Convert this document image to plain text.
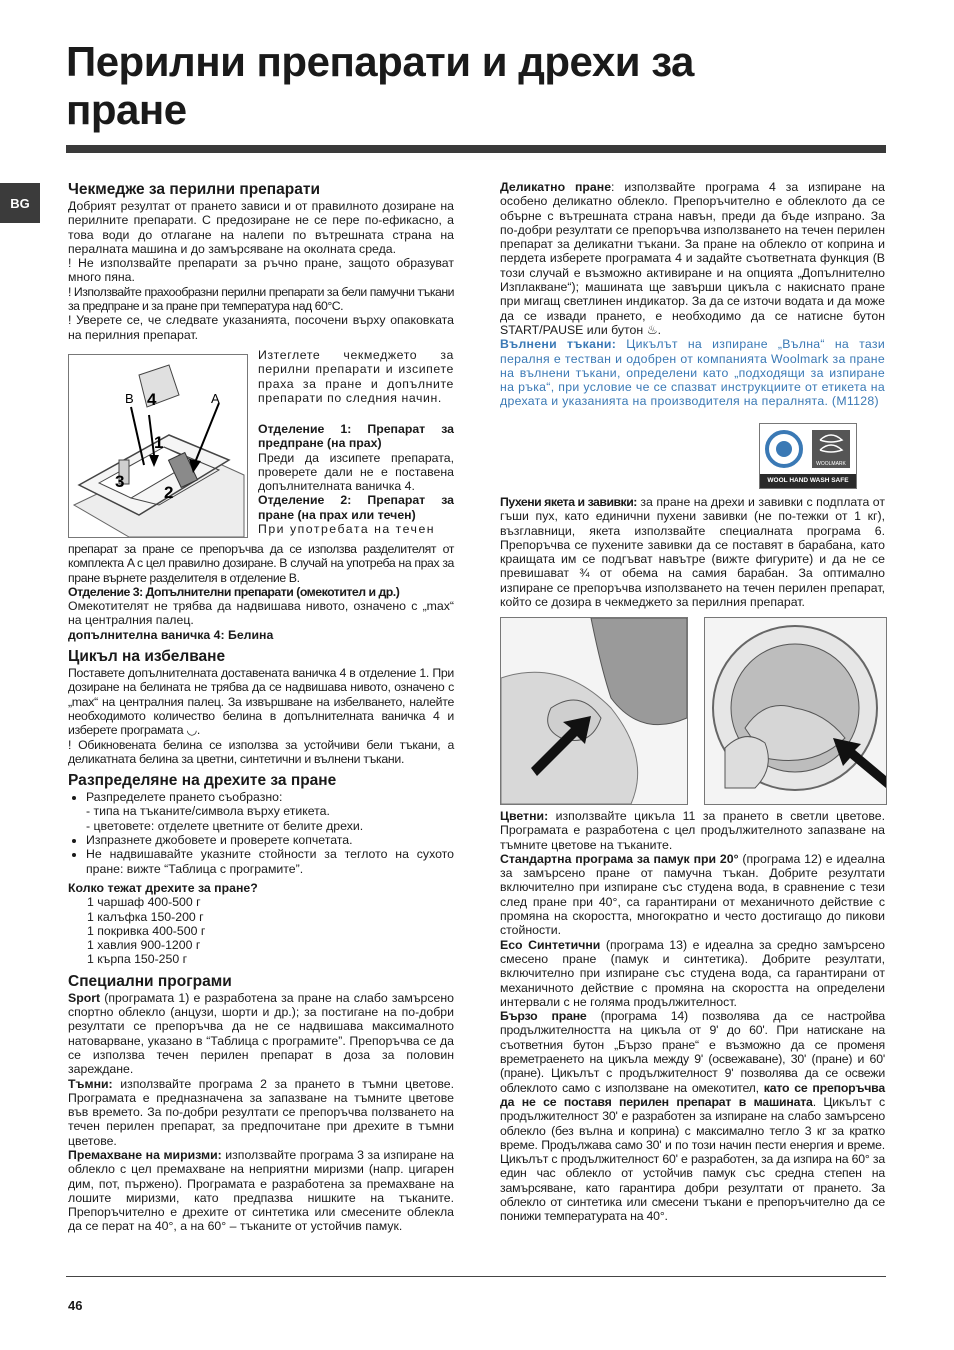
Перилни препарати и дрехи за пране
BG
Чекмедже за перилни препарати

Добрият резултат от прането зависи и от правилното дозиране на перилните препарати. С предозиране не се пере по-ефикасно, а това води до отлагане на налепи по вътрешната страна на пералната машина и до замърсяване на околната среда.

! Не използвайте препарати за ръчно пране, защото образуват много пяна.

! Използвайте прахообразни перилни препарати за бели памучни тъкани за предпране и за пране при температура над 60°C.

! Уверете се, че следвате указанията, посочени върху опаковката на перилния препарат.

B 4	A
1
3
2

Изтеглете чекмеджето за перилни препарати и изсипете праха за пране и допълните препарати по следния начин.

Отделение 1: Препарат за предпране (на прах)

Преди да изсипете препарата, проверете дали не е поставена допълнителната ваничка 4.

Отделение 2: Препарат за пране (на прах или течен)

При употребата на течен

препарат за пране се препоръчва да се използва разделителят от комплекта A с цел правилно дозиране. В случай на употреба на прах за пране върнете разделителя в отделение B.

Отделение 3: Допълнителни препарати (омекотител и др.)

Омекотителят не трябва да надвишава нивото, означено с „max“ на централния палец.

допълнителна ваничка 4: Белина

Цикъл на избелване

Поставете допълнителната доставената ваничка 4 в отделение 1. При дозиране на белината не трябва да се надвишава нивото, означено с „max“ на централния палец. За извършване на избелването, налейте необходимото количество белина в допълнителната ваничка 4 и изберете програмата ◡.

! Обикновената белина се използва за устойчиви бели тъкани, а деликатната белина за цветни, синтетични и вълнени тъкани.

Разпределяне на дрехите за пране
• Разпределете прането съобразно:
- типа на тъканите/символа върху етикета.
- цветовете: отделете цветните от белите дрехи.
• Изпразнете джобовете и проверете копчетата.
• Не надвишавайте указните стойности за теглото на сухото пране: вижте “Таблица с програмите”.

Колко тежат дрехите за пране?

1 чаршаф 400-500 г

1 калъфка 150-200 г

1 покривка 400-500 г

1 хавлия 900-1200 г

1 кърпа 150-250 г

Специални програми

Sport (програмата 1) е разработена за пране на слабо замърсено спортно облекло (анцузи, шорти и др.); за постигане на по-добри резултати се препоръчва да не се надвишава максималното натоварване, указано в “Таблица с програмите”. Препоръчва се да се използва течен перилен препарат в доза за половин зареждане.

Тъмни: използвайте програма 2 за прането в тъмни цветове. Програмата е предназначена за запазване на тъмните цветове във времето. За по-добри резултати се препоръчва ползването на течен перилен препарат, за предпочитане при дрехите в тъмни цветове.

Премахване на миризми: използвайте програма 3 за изпиране на облекло с цел премахване на неприятни миризми (напр. цигарен дим, пот, пържено). Програмата е разработена за премахване на лошите миризми, като предпазва нишките на тъканите. Препоръчително е дрехите от синтетика или смесените облекла да се перат на 40°, а на 60° – тъканите от устойчив памук.

Деликатно пране: използвайте програма 4 за изпиране на особено деликатно облекло. Препоръчително е облеклото да се обърне с вътрешната страна навън, преди да бъде изпрано. За по-добри резултати се препоръчва използването на течен перилен препарат за деликатни тъкани. За пране на облекло от коприна и пердета изберете програмата 4 и задайте съответната функция (В този случай е възможно активиране и на опцията „Допълнително Изплакване“); машината ще завърши цикъла с накиснато пране при мигащ светлинен индикатор. За да се източи водата и да може да се извади прането, е необходимо да се натисне бутон START/PAUSE или бутон ♨.

Вълнени тъкани: Цикълът на изпиране „Вълна“ на тази пералня е тестван и одобрен от компанията Woolmark за пране на вълнени тъкани, определени като „подходящи за изпиране на ръка“, при условие че се спазват инструкциите от етикета на дрехата и указанията на производителя на пералнята. (M1128)

WOOLMARK
WOOL HAND WASH SAFE

Пухени якета и завивки: за пране на дрехи и завивки с подплата от гъши пух, като единични пухени завивки (не по-тежки от 1 кг), възглавници, якета използвайте специалната програма 6. Препоръчва се пухените завивки да се поставят в барабана, като краищата им се подгъват навътре (вижте фигурите) и да не се превишават ¾ от обема на самия барабан. За оптимално изпиране се препоръчва използването на течен перилен препарат, който се дозира в чекмеджето за перилния препарат.

Цветни: използвайте цикъла 11 за прането в светли цветове. Програмата е разработена с цел продължителното запазване на тъмните цветове на тъканите.

Стандартна програма за памук при 20° (програма 12) е идеална за замърсено пране от памучна тъкан. Добрите резултати включително при изпиране със студена вода, в сравнение с тези след пране при 40°, са гарантирани от механичното действие с промяна на скоростта, многократно и често достигащо до пикови стойности.

Eco Синтетични (програма 13) е идеална за средно замърсено смесено пране (памук и синтетика). Добрите резултати, включително при изпиране със студена вода, са гарантирани от механичното действие с промяна на скоростта на определени интервали с не голяма продължителност.

Бързо пране (програма 14) позволява да се настройва продължителността на цикъла от 9' до 60'. При натискане на съответния бутон „Бързо пране“ е възможно да се променя времетраенето на цикъла между 9' (освежаване), 30' (пране) и 60' (пране). Цикълът с продължителност 9' позволява да се освежи облеклото само с използване на омекотител, като се препоръчва да не се поставя перилен препарат в машината. Цикълът с продължителност 30' е разработен за изпиране на слабо замърсено облекло (без вълна и коприна) с максимално тегло 3 кг за кратко време. Продължава само 30' и по този начин пести енергия и време. Цикълът с продължителност 60' е разработен, за да изпира на 60° за един час облекло от устойчив памук със средна степен на замърсяване, като гарантира добри резултати от прането. За облекло от синтетика или смесени тъкани е препоръчително да се понижи температурата на 40°.

46
